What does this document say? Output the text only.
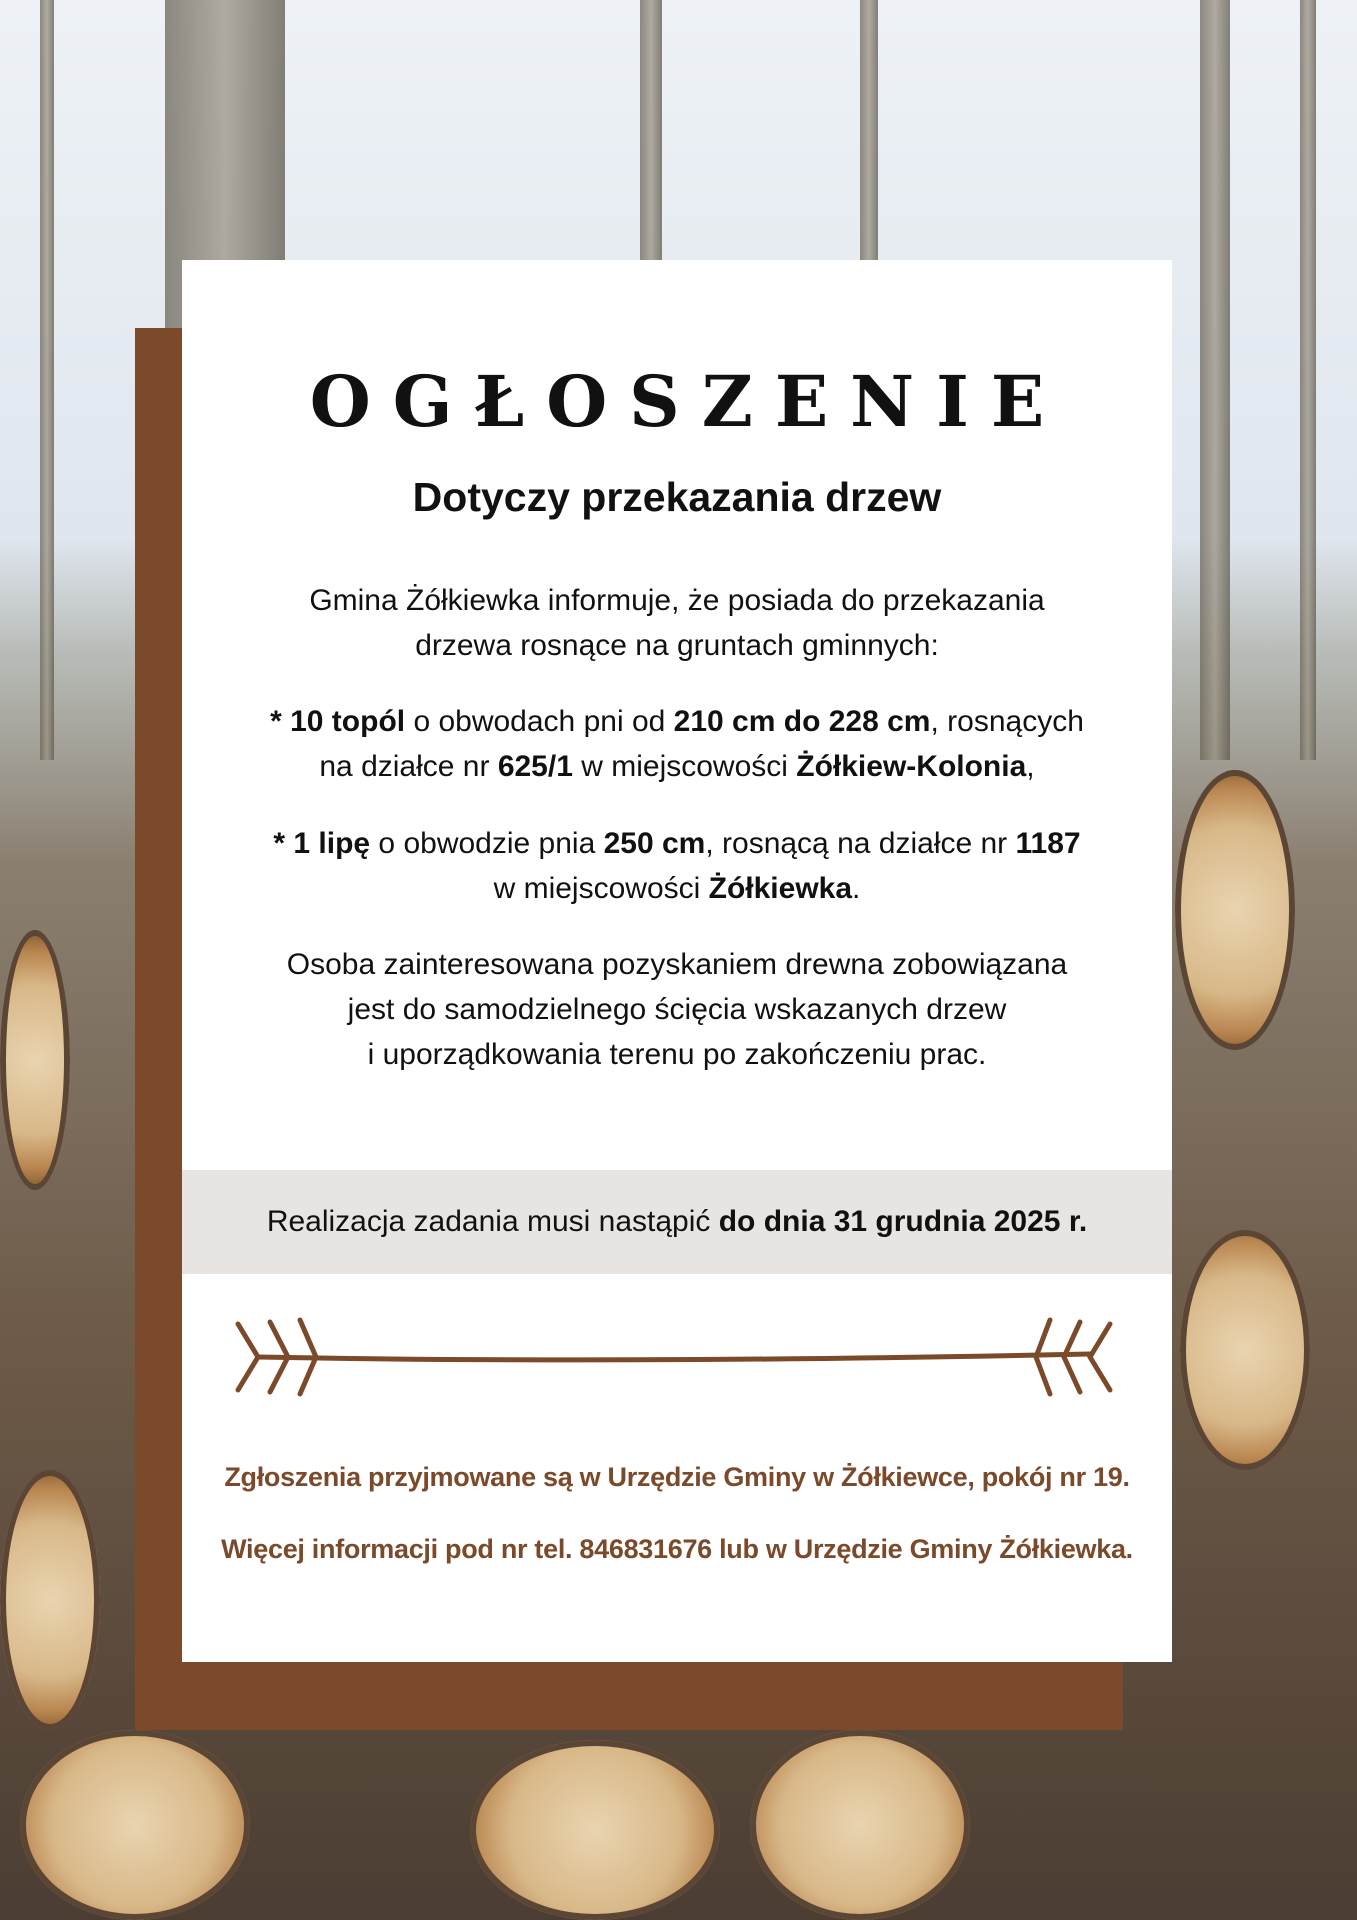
OGŁOSZENIE
Dotyczy przekazania drzew
Gmina Żółkiewka informuje, że posiada do przekazania
drzewa rosnące na gruntach gminnych:
* 10 topól o obwodach pni od 210 cm do 228 cm, rosnących
na działce nr 625/1 w miejscowości Żółkiew-Kolonia,
* 1 lipę o obwodzie pnia 250 cm, rosnącą na działce nr 1187
w miejscowości Żółkiewka.
Osoba zainteresowana pozyskaniem drewna zobowiązana
jest do samodzielnego ścięcia wskazanych drzew
i uporządkowania terenu po zakończeniu prac.
Realizacja zadania musi nastąpić do dnia 31 grudnia 2025 r.
Zgłoszenia przyjmowane są w Urzędzie Gminy w Żółkiewce, pokój nr 19.
Więcej informacji pod nr tel. 846831676 lub w Urzędzie Gminy Żółkiewka.
